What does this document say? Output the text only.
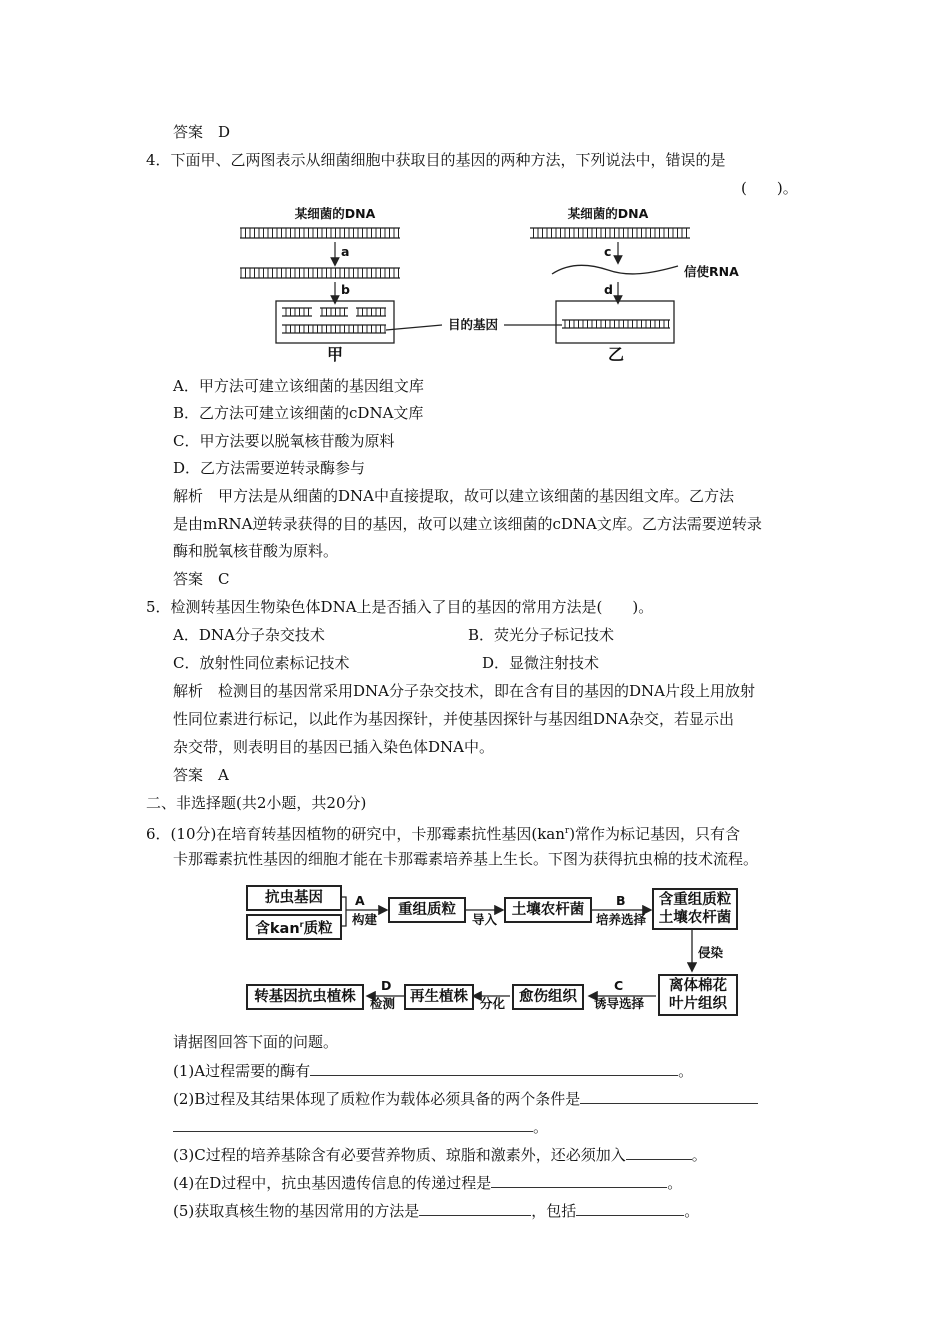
答案　D
4．下面甲、乙两图表示从细菌细胞中获取目的基因的两种方法，下列说法中，错误的是
(　　)。
某细菌的DNA
a
b
甲
目的基因
某细菌的DNA
c
信使RNA
d
乙
A．甲方法可建立该细菌的基因组文库
B．乙方法可建立该细菌的cDNA文库
C．甲方法要以脱氧核苷酸为原料
D．乙方法需要逆转录酶参与
解析　甲方法是从细菌的DNA中直接提取，故可以建立该细菌的基因组文库。乙方法
是由mRNA逆转录获得的目的基因，故可以建立该细菌的cDNA文库。乙方法需要逆转录
酶和脱氧核苷酸为原料。
答案　C
5．检测转基因生物染色体DNA上是否插入了目的基因的常用方法是(　　)。
A．DNA分子杂交技术	B．荧光分子标记技术
C．放射性同位素标记技术	D．显微注射技术
解析　检测目的基因常采用DNA分子杂交技术，即在含有目的基因的DNA片段上用放射
性同位素进行标记，以此作为基因探针，并使基因探针与基因组DNA杂交，若显示出
杂交带，则表明目的基因已插入染色体DNA中。
答案　A
二、非选择题(共2小题，共20分)
6．(10分)在培育转基因植物的研究中，卡那霉素抗性基因(kan$^r$)常作为标记基因，只有含
卡那霉素抗性基因的细胞才能在卡那霉素培养基上生长。下图为获得抗虫棉的技术流程。
抗虫基因
含kan$^r$质粒
A
构建
重组质粒
导入
土壤农杆菌
B
培养选择
含重组质粒
土壤农杆菌
侵染
离体棉花
叶片组织
C
诱导选择
愈伤组织
分化
再生植株
D
检测
转基因抗虫植株
请据图回答下面的问题。
(1)A过程需要的酶有	。
(2)B过程及其结果体现了质粒作为载体必须具备的两个条件是
。
(3)C过程的培养基除含有必要营养物质、琼脂和激素外，还必须加入	。
(4)在D过程中，抗虫基因遗传信息的传递过程是	。
(5)获取真核生物的基因常用的方法是	，包括	。
